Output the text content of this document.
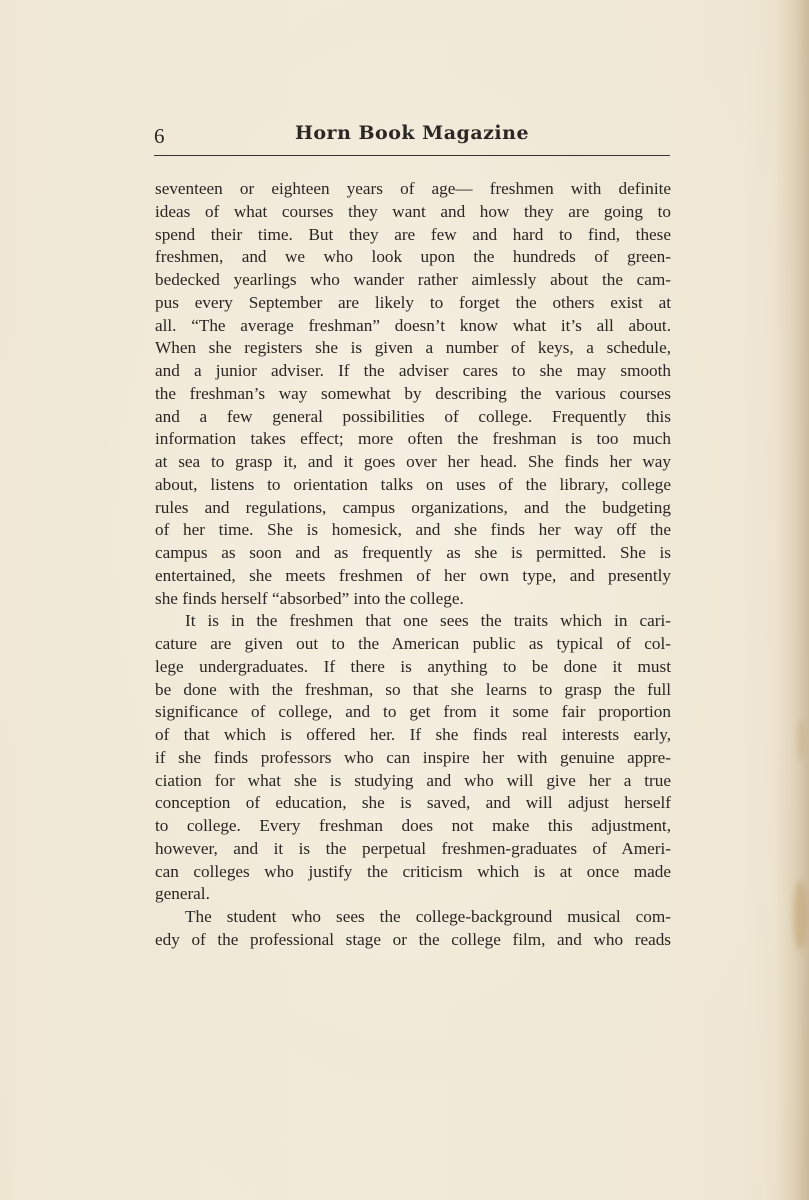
6	Horn Book Magazine
seventeen or eighteen years of age— freshmen with definite
ideas of what courses they want and how they are going to
spend their time. But they are few and hard to find, these
freshmen, and we who look upon the hundreds of green-
bedecked yearlings who wander rather aimlessly about the cam-
pus every September are likely to forget the others exist at
all. “The average freshman” doesn’t know what it’s all about.
When she registers she is given a number of keys, a schedule,
and a junior adviser. If the adviser cares to she may smooth
the freshman’s way somewhat by describing the various courses
and a few general possibilities of college. Frequently this
information takes effect; more often the freshman is too much
at sea to grasp it, and it goes over her head. She finds her way
about, listens to orientation talks on uses of the library, college
rules and regulations, campus organizations, and the budgeting
of her time. She is homesick, and she finds her way off the
campus as soon and as frequently as she is permitted. She is
entertained, she meets freshmen of her own type, and presently
she finds herself “absorbed” into the college.
It is in the freshmen that one sees the traits which in cari-
cature are given out to the American public as typical of col-
lege undergraduates. If there is anything to be done it must
be done with the freshman, so that she learns to grasp the full
significance of college, and to get from it some fair proportion
of that which is offered her. If she finds real interests early,
if she finds professors who can inspire her with genuine appre-
ciation for what she is studying and who will give her a true
conception of education, she is saved, and will adjust herself
to college. Every freshman does not make this adjustment,
however, and it is the perpetual freshmen-graduates of Ameri-
can colleges who justify the criticism which is at once made
general.
The student who sees the college-background musical com-
edy of the professional stage or the college film, and who reads
